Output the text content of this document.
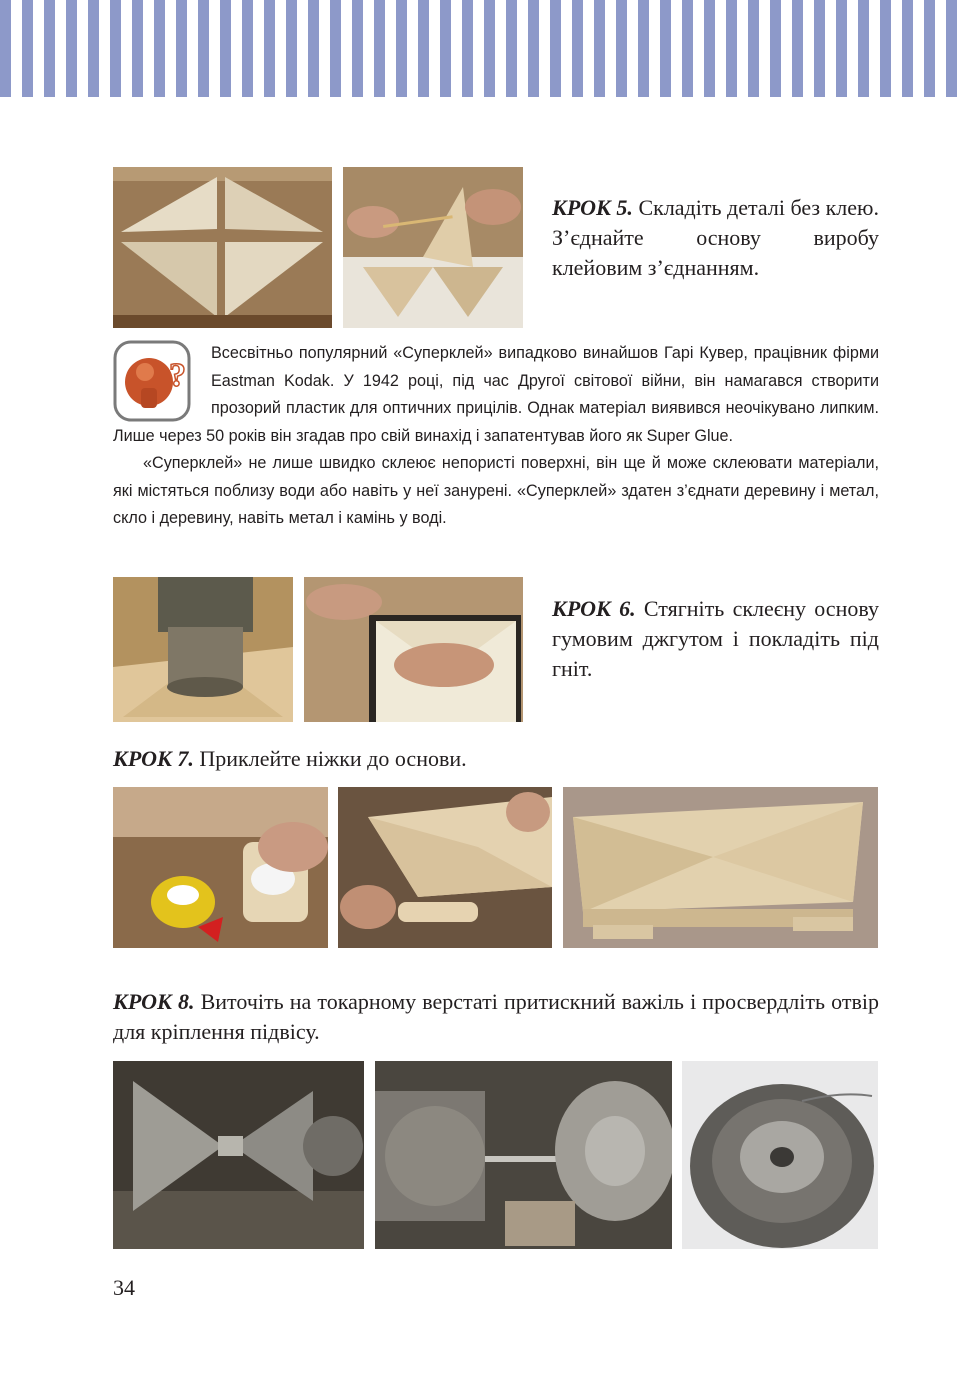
КРОК 5. Складіть деталі без клею. З’єднайте основу виробу клейовим з’єднанням.
?

Всесвітньо популярний «Суперклей» випадково винайшов Гарі Кувер, працівник фірми Eastman Kodak. У 1942 році, під час Другої світової війни, він намагався створити прозорий пластик для оптичних прицілів. Однак матеріал виявився неочікувано липким. Лише через 50 років він згадав про свій винахід і запатентував його як Super Glue.

«Суперклей» не лише швидко склеює непористі поверхні, він ще й може склеювати матеріали, які містяться поблизу води або навіть у неї занурені. «Суперклей» здатен з’єднати деревину і метал, скло і деревину, навіть метал і камінь у воді.

КРОК 6. Стягніть склеєну основу гумовим джгутом і покладіть під гніт.
КРОК 7. Приклейте ніжки до основи.
КРОК 8. Виточіть на токарному верстаті притискний важіль і просвердліть отвір для кріплення підвісу.
34
